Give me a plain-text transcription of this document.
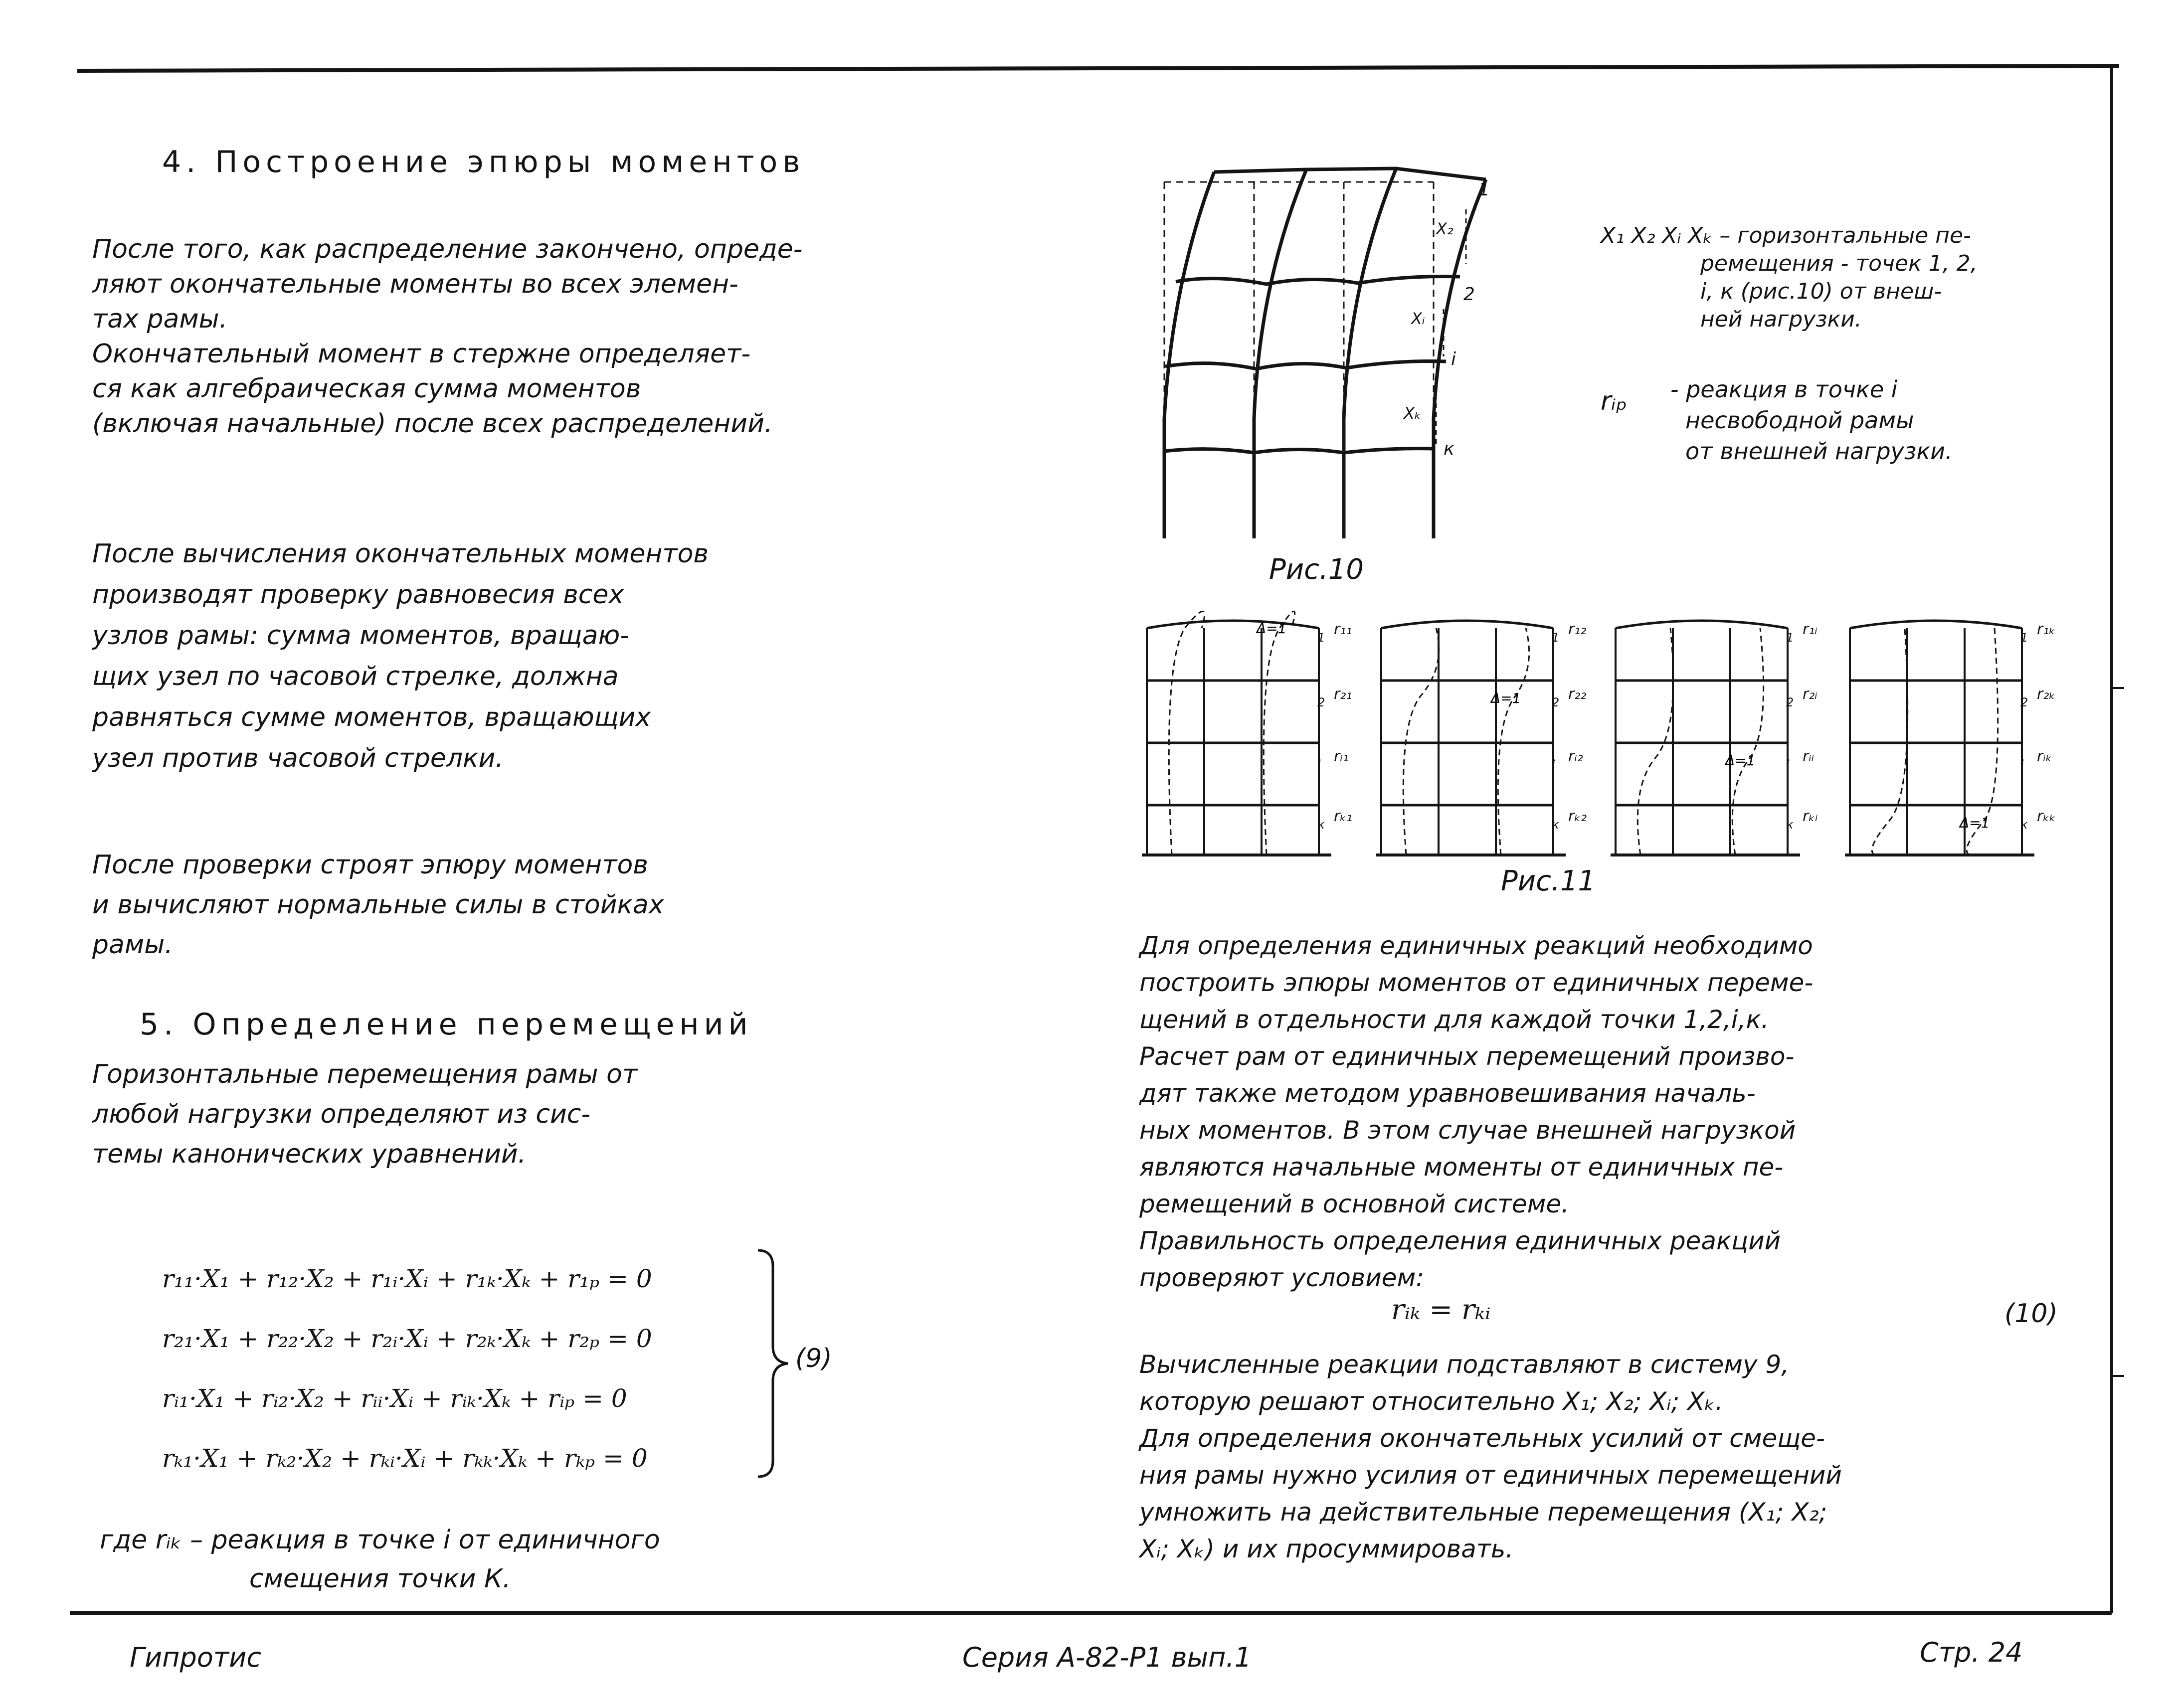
4. Построение эпюры моментов
После того, как распределение закончено, опреде-
ляют окончательные моменты во всех элемен-
тах рамы.
Окончательный момент в стержне определяет-
ся как алгебраическая сумма моментов
(включая начальные) после всех распределений.
После вычисления окончательных моментов
производят проверку равновесия всех
узлов рамы: сумма моментов, вращаю-
щих узел по часовой стрелке, должна
равняться сумме моментов, вращающих
узел против часовой стрелки.
После проверки строят эпюру моментов
и вычисляют нормальные силы в стойках
рамы.
5. Определение перемещений
Горизонтальные перемещения рамы от
любой нагрузки определяют из сис-
темы канонических уравнений.
r₁₁·X₁ + r₁₂·X₂ + r₁ᵢ·Xᵢ + r₁ₖ·Xₖ + r₁ₚ = 0
r₂₁·X₁ + r₂₂·X₂ + r₂ᵢ·Xᵢ + r₂ₖ·Xₖ + r₂ₚ = 0
rᵢ₁·X₁ + rᵢ₂·X₂ + rᵢᵢ·Xᵢ + rᵢₖ·Xₖ + rᵢₚ = 0
rₖ₁·X₁ + rₖ₂·X₂ + rₖᵢ·Xᵢ + rₖₖ·Xₖ + rₖₚ = 0
(9)
где rᵢₖ – реакция в точке i от единичного
смещения точки К.
1
2
i
к
X₂
Xᵢ
Xₖ
Рис.10
X₁ X₂ Xᵢ Xₖ – горизонтальные пе-
ремещения - точек 1, 2,
i, к (рис.10) от внеш-
ней нагрузки.
rᵢₚ - реакция в точке i
несвободной рамы
от внешней нагрузки.
Δ=1
Δ=1
Δ=1
Δ=1
Рис.11
Для определения единичных реакций необходимо
построить эпюры моментов от единичных переме-
щений в отдельности для каждой точки 1,2,i,к.
Расчет рам от единичных перемещений произво-
дят также методом уравновешивания началь-
ных моментов. В этом случае внешней нагрузкой
являются начальные моменты от единичных пе-
ремещений в основной системе.
Правильность определения единичных реакций
проверяют условием:
rᵢₖ = rₖᵢ	(10)
Вычисленные реакции подставляют в систему 9,
которую решают относительно X₁; X₂; Xᵢ; Xₖ.
Для определения окончательных усилий от смеще-
ния рамы нужно усилия от единичных перемещений
умножить на действительные перемещения (X₁; X₂;
Xᵢ; Xₖ) и их просуммировать.
Гипротис	Серия A-82-P1 вып.1	Стр. 24
r₁₁
1
r₂₁
2
rᵢ₁
i
rₖ₁
к
r₁₂
1
r₂₂
2
rᵢ₂
i
rₖ₂
к
r₁ᵢ
1
r₂ᵢ
2
rᵢᵢ
i
rₖᵢ
к
r₁ₖ
1
r₂ₖ
2
rᵢₖ
i
rₖₖ
к
